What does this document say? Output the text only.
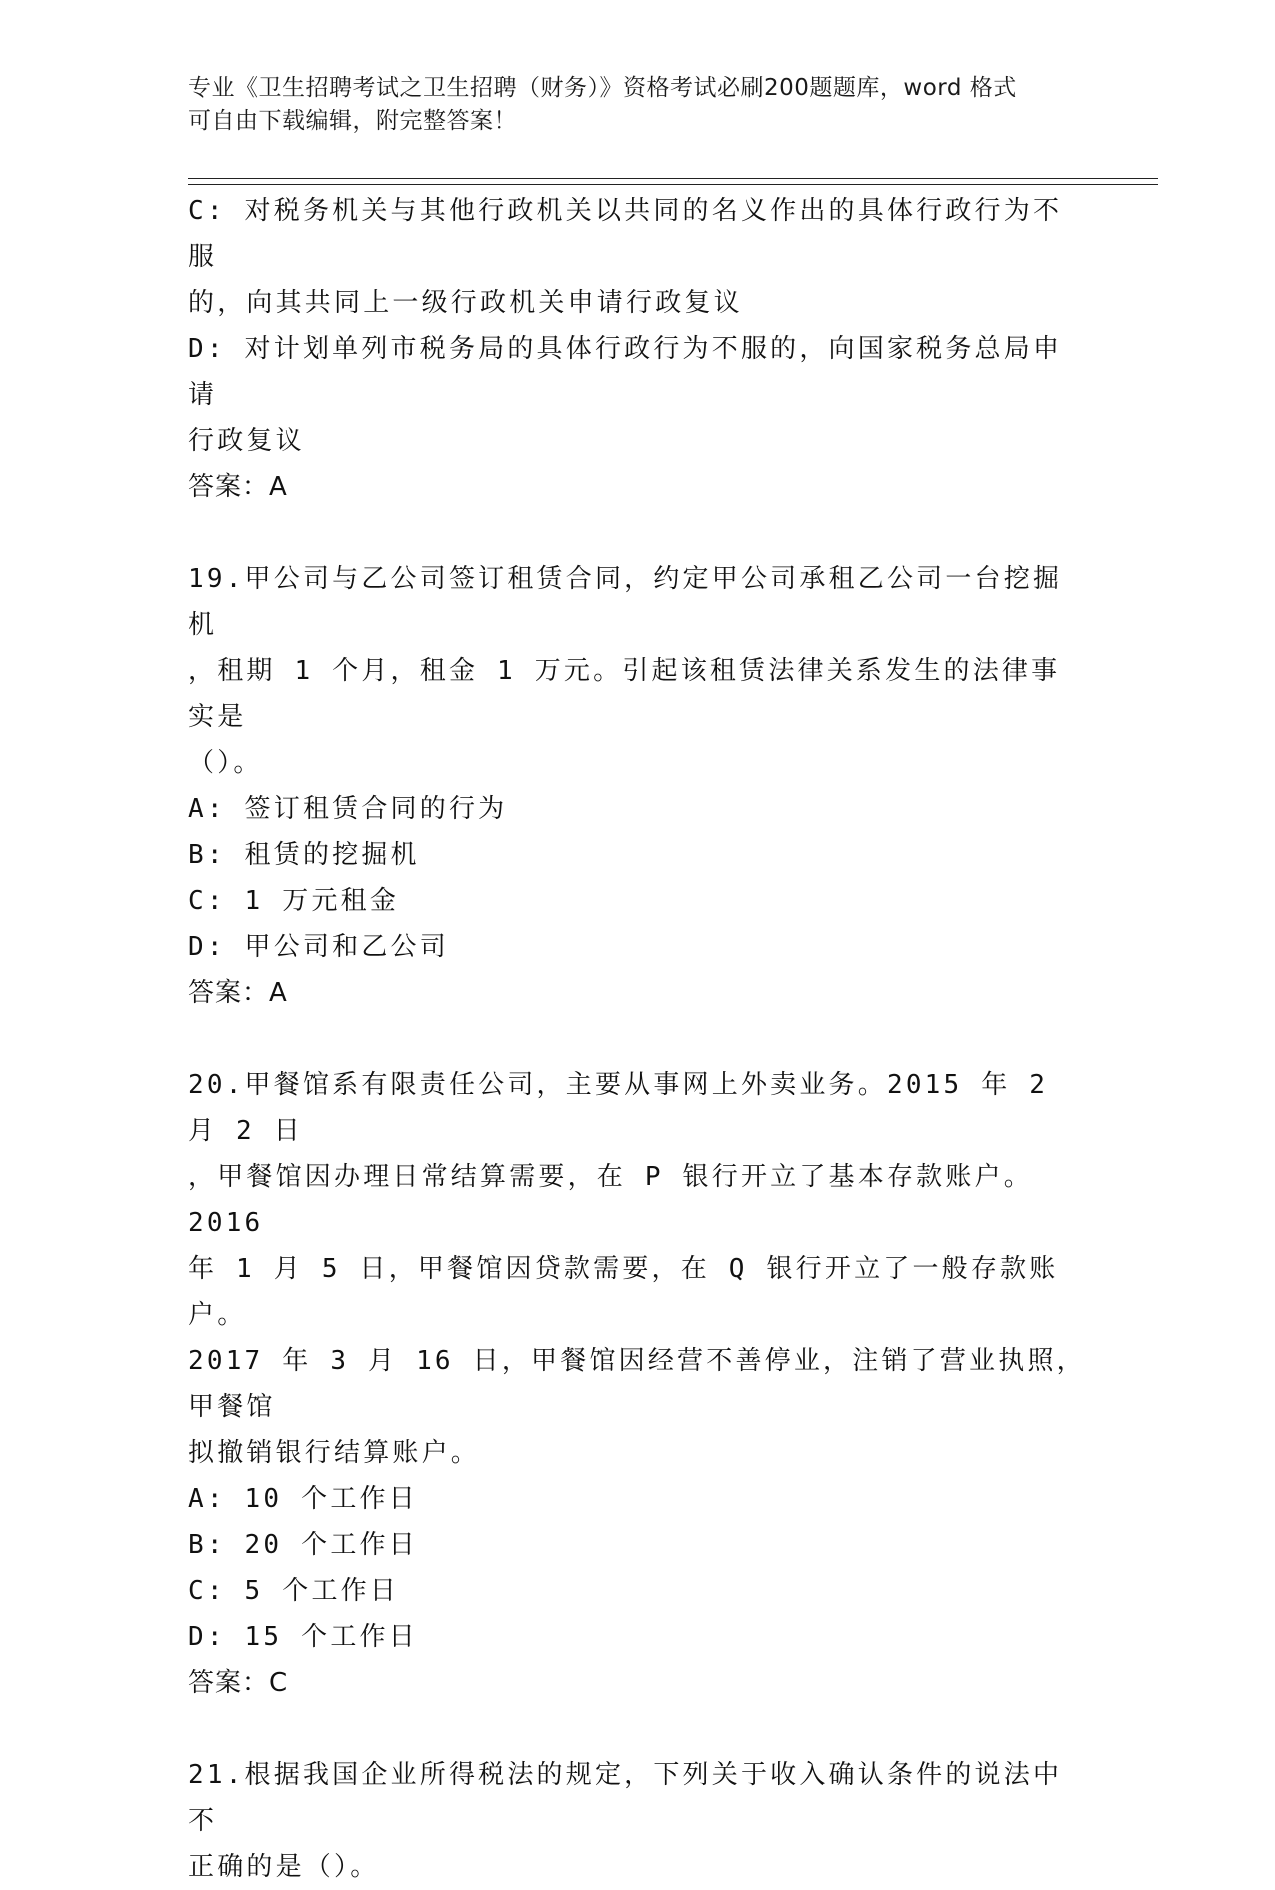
专业《卫生招聘考试之卫生招聘（财务）》资格考试必刷200题题库，word 格式
可自由下载编辑，附完整答案！

C: 对税务机关与其他行政机关以共同的名义作出的具体行政行为不服

的，向其共同上一级行政机关申请行政复议

D: 对计划单列市税务局的具体行政行为不服的，向国家税务总局申请

行政复议

答案：A

19.甲公司与乙公司签订租赁合同，约定甲公司承租乙公司一台挖掘机

，租期 1 个月，租金 1 万元。引起该租赁法律关系发生的法律事实是

（）。

A: 签订租赁合同的行为

B: 租赁的挖掘机

C: 1 万元租金

D: 甲公司和乙公司

答案：A

20.甲餐馆系有限责任公司，主要从事网上外卖业务。2015 年 2 月 2 日

，甲餐馆因办理日常结算需要，在 P 银行开立了基本存款账户。2016

年 1 月 5 日，甲餐馆因贷款需要，在 Q 银行开立了一般存款账户。

2017 年 3 月 16 日，甲餐馆因经营不善停业，注销了营业执照，甲餐馆

拟撤销银行结算账户。

A: 10 个工作日

B: 20 个工作日

C: 5 个工作日

D: 15 个工作日

答案：C

21.根据我国企业所得税法的规定，下列关于收入确认条件的说法中不

正确的是（）。
